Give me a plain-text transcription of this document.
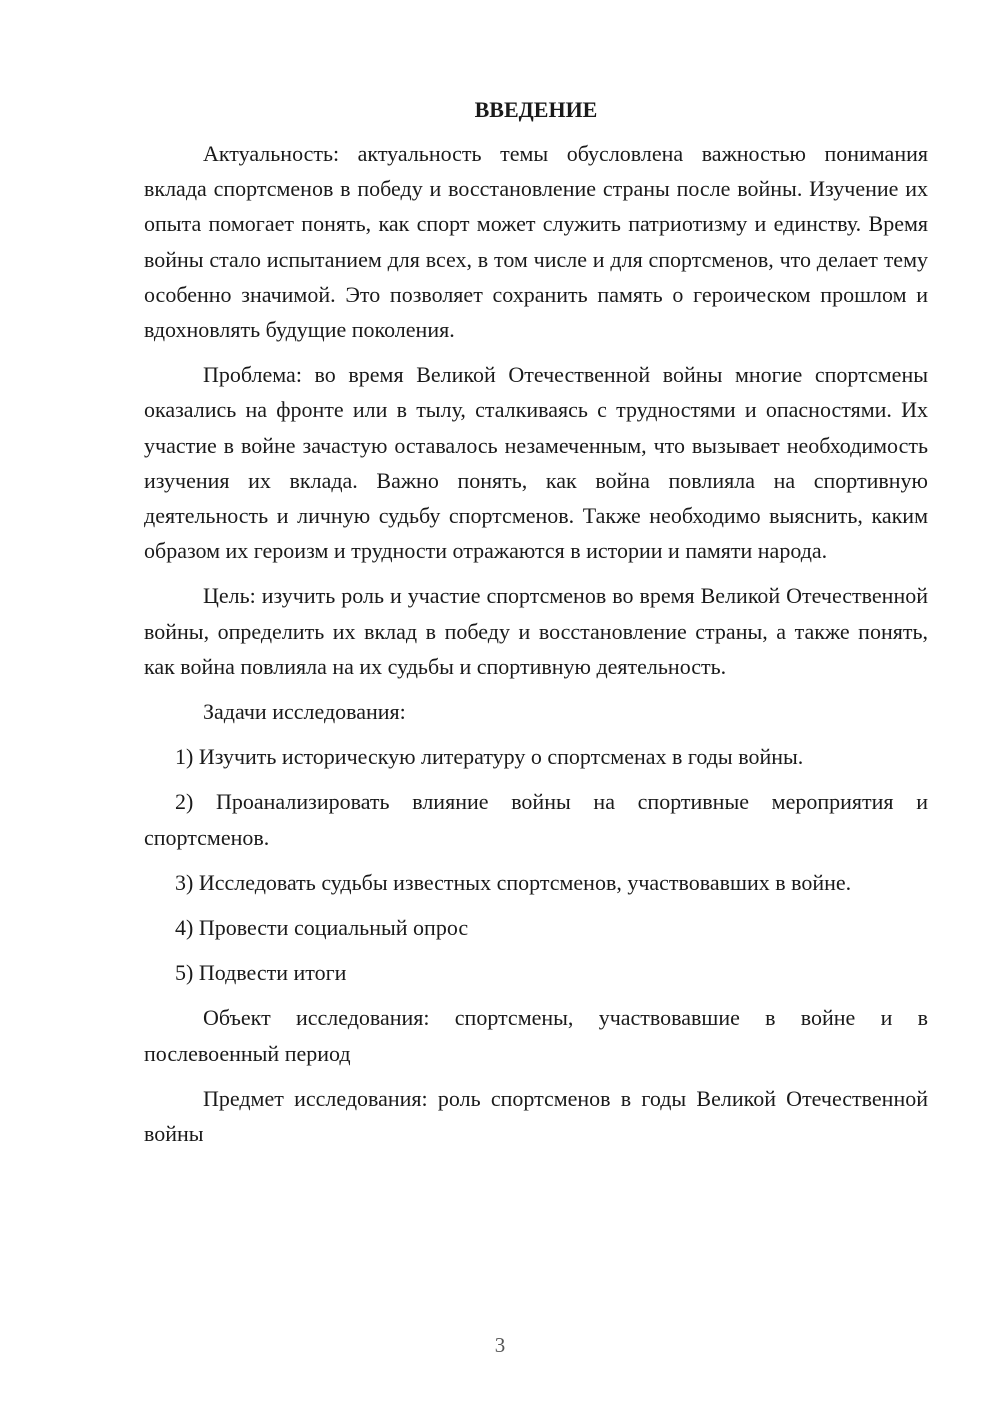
ВВЕДЕНИЕ

Актуальность: актуальность темы обусловлена важностью понимания вклада спортсменов в победу и восстановление страны после войны. Изучение их опыта помогает понять, как спорт может служить патриотизму и единству. Время войны стало испытанием для всех, в том числе и для спортсменов, что делает тему особенно значимой. Это позволяет сохранить память о героическом прошлом и вдохновлять будущие поколения.

Проблема: во время Великой Отечественной войны многие спортсмены оказались на фронте или в тылу, сталкиваясь с трудностями и опасностями. Их участие в войне зачастую оставалось незамеченным, что вызывает необходимость изучения их вклада. Важно понять, как война повлияла на спортивную деятельность и личную судьбу спортсменов. Также необходимо выяснить, каким образом их героизм и трудности отражаются в истории и памяти народа.

Цель: изучить роль и участие спортсменов во время Великой Отечественной войны, определить их вклад в победу и восстановление страны, а также понять, как война повлияла на их судьбы и спортивную деятельность.

Задачи исследования:

1) Изучить историческую литературу о спортсменах в годы войны.

2) Проанализировать влияние войны на спортивные мероприятия и спортсменов.

3) Исследовать судьбы известных спортсменов, участвовавших в войне.

4) Провести социальный опрос

5) Подвести итоги

Объект исследования: спортсмены, участвовавшие в войне и в послевоенный период

Предмет исследования: роль спортсменов в годы Великой Отечественной войны

3
